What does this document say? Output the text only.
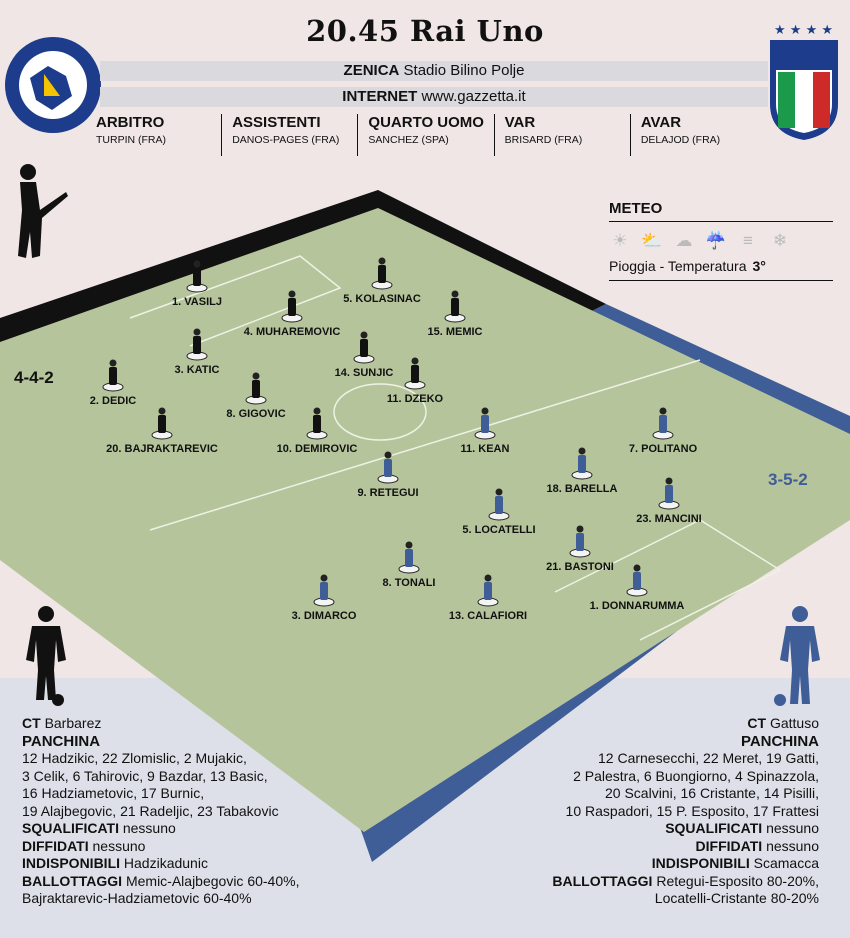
★ ★ ★ ★
20.45 Rai Uno
ZENICA Stadio Bilino Polje
INTERNET www.gazzetta.it
ARBITRO
TURPIN (FRA)
ASSISTENTI
DANOS-PAGES (FRA)
QUARTO UOMO
SANCHEZ (SPA)
VAR
BRISARD (FRA)
AVAR
DELAJOD (FRA)
METEO
☀ ⛅ ☁ ☔ ≡	❄
Pioggia - Temperatura 3°
4-4-2
3-5-2
1. VASILJ	5. KOLASINAC
4. MUHAREMOVIC	15. MEMIC
3. KATIC	14. SUNJIC
2. DEDIC	11. DZEKO
8. GIGOVIC
20. BAJRAKTAREVIC	10. DEMIROVIC	7. POLITANO
11. KEAN
18. BARELLA
9. RETEGUI
23. MANCINI
5. LOCATELLI
21. BASTONI
8. TONALI
1. DONNARUMMA
3. DIMARCO	13. CALAFIORI
CT Barbarez
PANCHINA
12 Hadzikic, 22 Zlomislic, 2 Mujakic,
3 Celik, 6 Tahirovic, 9 Bazdar, 13 Basic,
16 Hadziametovic, 17 Burnic,
19 Alajbegovic, 21 Radeljic, 23 Tabakovic
SQUALIFICATI nessuno
DIFFIDATI nessuno
INDISPONIBILI Hadzikadunic
BALLOTTAGGI Memic-Alajbegovic 60-40%,
Bajraktarevic-Hadziametovic 60-40%
CT Gattuso
PANCHINA
12 Carnesecchi, 22 Meret, 19 Gatti,
2 Palestra, 6 Buongiorno, 4 Spinazzola,
20 Scalvini, 16 Cristante, 14 Pisilli,
10 Raspadori, 15 P. Esposito, 17 Frattesi
SQUALIFICATI nessuno
DIFFIDATI nessuno
INDISPONIBILI Scamacca
BALLOTTAGGI Retegui-Esposito 80-20%,
Locatelli-Cristante 80-20%
